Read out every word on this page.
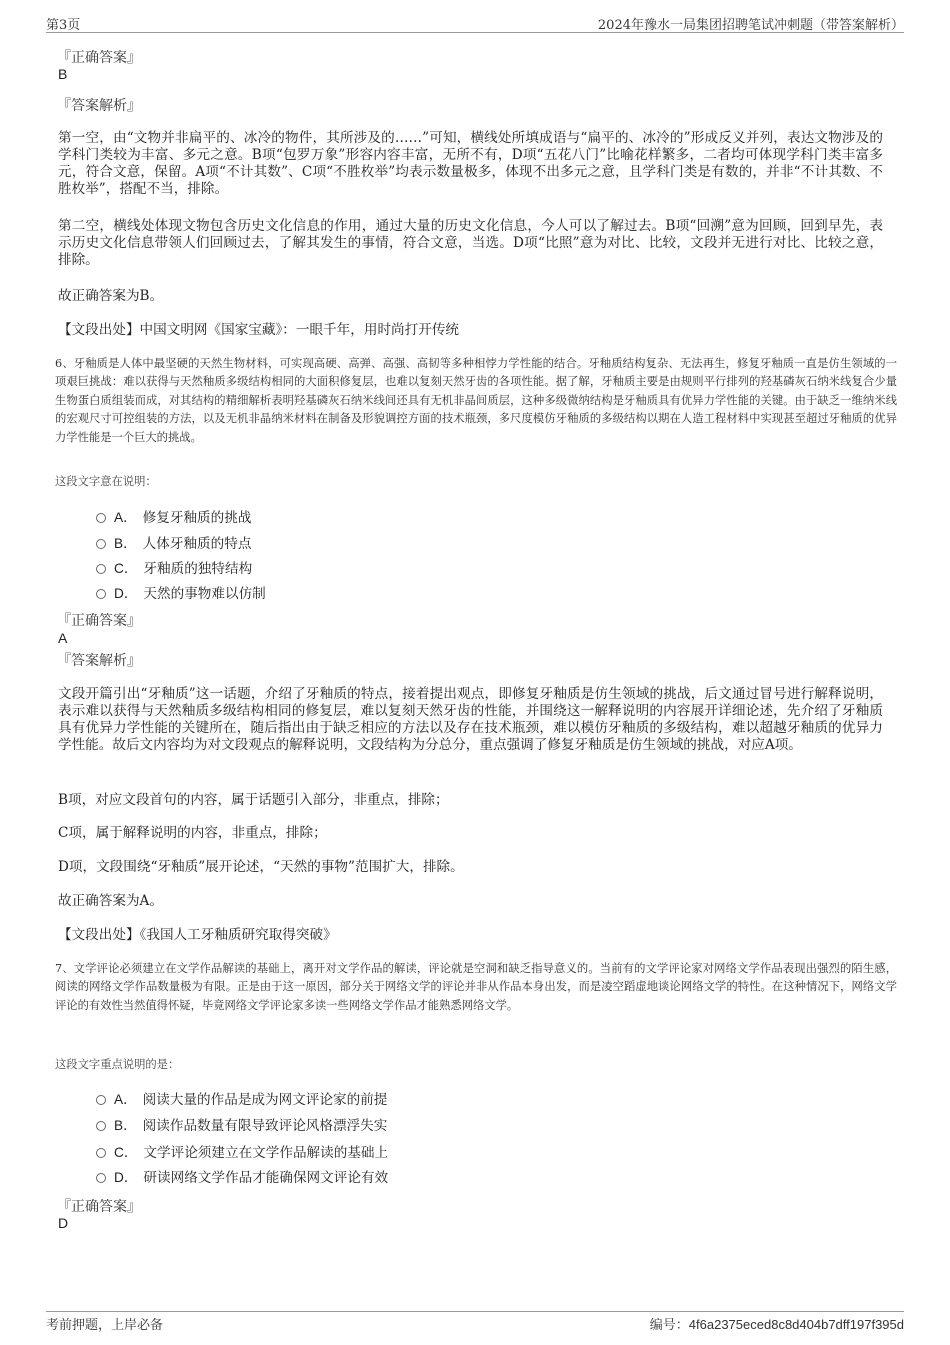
第3页	2024年豫水一局集团招聘笔试冲刺题（带答案解析）
『正确答案』
B
『答案解析』
第一空，由“文物并非扁平的、冰冷的物件，其所涉及的……”可知，横线处所填成语与“扁平的、冰冷的”形成反义并列，表达文物涉及的学科门类较为丰富、多元之意。B项“包罗万象”形容内容丰富，无所不有，D项“五花八门”比喻花样繁多，二者均可体现学科门类丰富多元，符合文意，保留。A项“不计其数”、C项“不胜枚举”均表示数量极多，体现不出多元之意，且学科门类是有数的，并非“不计其数、不胜枚举”，搭配不当，排除。
第二空，横线处体现文物包含历史文化信息的作用，通过大量的历史文化信息，今人可以了解过去。B项“回溯”意为回顾，回到早先，表示历史文化信息带领人们回顾过去，了解其发生的事情，符合文意，当选。D项“比照”意为对比、比较，文段并无进行对比、比较之意，排除。
故正确答案为B。
【文段出处】中国文明网《国家宝藏》：一眼千年，用时尚打开传统
6、牙釉质是人体中最坚硬的天然生物材料，可实现高硬、高弹、高强、高韧等多种相悖力学性能的结合。牙釉质结构复杂、无法再生，修复牙釉质一直是仿生领域的一项艰巨挑战：难以获得与天然釉质多级结构相同的大面积修复层，也难以复刻天然牙齿的各项性能。据了解，牙釉质主要是由规则平行排列的羟基磷灰石纳米线复合少量生物蛋白质组装而成，对其结构的精细解析表明羟基磷灰石纳米线间还具有无机非晶间质层，这种多级微纳结构是牙釉质具有优异力学性能的关键。由于缺乏一维纳米线的宏观尺寸可控组装的方法，以及无机非晶纳米材料在制备及形貌调控方面的技术瓶颈，多尺度模仿牙釉质的多级结构以期在人造工程材料中实现甚至超过牙釉质的优异力学性能是一个巨大的挑战。
这段文字意在说明：
A． 修复牙釉质的挑战
B． 人体牙釉质的特点
C． 牙釉质的独特结构
D． 天然的事物难以仿制
『正确答案』
A
『答案解析』
文段开篇引出“牙釉质”这一话题，介绍了牙釉质的特点，接着提出观点，即修复牙釉质是仿生领域的挑战，后文通过冒号进行解释说明，表示难以获得与天然釉质多级结构相同的修复层，难以复刻天然牙齿的性能，并围绕这一解释说明的内容展开详细论述，先介绍了牙釉质具有优异力学性能的关键所在，随后指出由于缺乏相应的方法以及存在技术瓶颈，难以模仿牙釉质的多级结构，难以超越牙釉质的优异力学性能。故后文内容均为对文段观点的解释说明，文段结构为分总分，重点强调了修复牙釉质是仿生领域的挑战，对应A项。
B项，对应文段首句的内容，属于话题引入部分，非重点，排除；
C项，属于解释说明的内容，非重点，排除；
D项，文段围绕“牙釉质”展开论述，“天然的事物”范围扩大，排除。
故正确答案为A。
【文段出处】《我国人工牙釉质研究取得突破》
7、文学评论必须建立在文学作品解读的基础上，离开对文学作品的解读，评论就是空洞和缺乏指导意义的。当前有的文学评论家对网络文学作品表现出强烈的陌生感，阅读的网络文学作品数量极为有限。正是由于这一原因，部分关于网络文学的评论并非从作品本身出发，而是凌空蹈虚地谈论网络文学的特性。在这种情况下，网络文学评论的有效性当然值得怀疑，毕竟网络文学评论家多读一些网络文学作品才能熟悉网络文学。
这段文字重点说明的是：
A． 阅读大量的作品是成为网文评论家的前提
B． 阅读作品数量有限导致评论风格漂浮失实
C． 文学评论须建立在文学作品解读的基础上
D． 研读网络文学作品才能确保网文评论有效
『正确答案』
D
考前押题，上岸必备	编号：4f6a2375eced8c8d404b7dff197f395d
